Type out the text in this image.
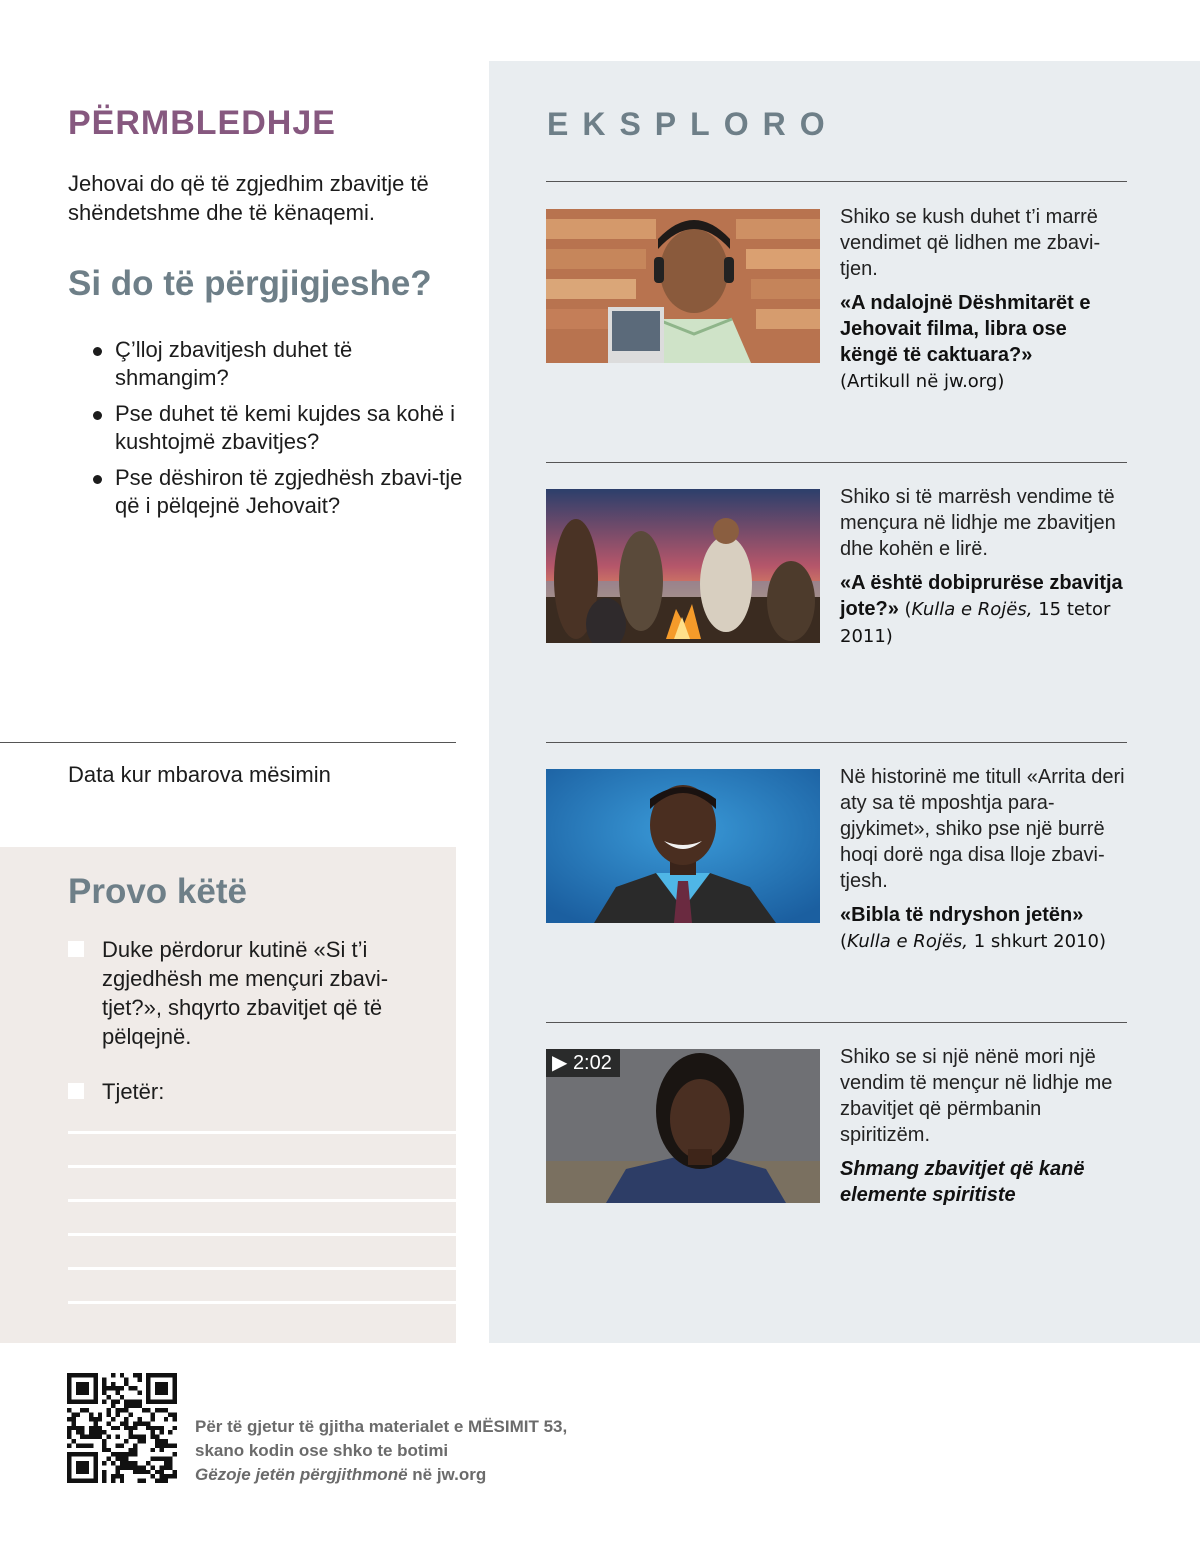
PËRMBLEDHJE

Jehovai do që të zgjedhim zbavitje të shëndetshme dhe të kënaqemi.

Si do të përgjigjeshe?
Ç’lloj zbavitjesh duhet të shmangim?
Pse duhet të kemi kujdes sa kohë i kushtojmë zbavitjes?
Pse dëshiron të zgjedhësh zbavi-tje që i pëlqejnë Jehovait?
Data kur mbarova mësimin
Provo këtë
Duke përdorur kutinë «Si t’i zgjedhësh me mençuri zbavi-tjet?», shqyrto zbavitjet që të pëlqejnë.
Tjetër:
EKSPLORO

Shiko se kush duhet t’i marrë vendimet që lidhen me zbavi-tjen.

«A ndalojnë Dëshmitarët e Jehovait filma, libra ose këngë të caktuara?»
(Artikull në jw.org)

Shiko si të marrësh vendime të mençura në lidhje me zbavitjen dhe kohën e lirë.

«A është dobiprurëse zbavitja jote?» (Kulla e Rojës, 15 tetor 2011)

Në historinë me titull «Arrita deri aty sa të mposhtja para-gjykimet», shiko pse një burrë hoqi dorë nga disa lloje zbavi-tjesh.

«Bibla të ndryshon jetën»
(Kulla e Rojës, 1 shkurt 2010)

▶ 2:02	Shiko se si një nënë mori një vendim të mençur në lidhje me zbavitjet që përmbanin spiritizëm.

Shmang zbavitjet që kanë elemente spiritiste

Për të gjetur të gjitha materialet e MËSIMIT 53,
skano kodin ose shko te botimi
Gëzoje jetën përgjithmonë në jw.org
